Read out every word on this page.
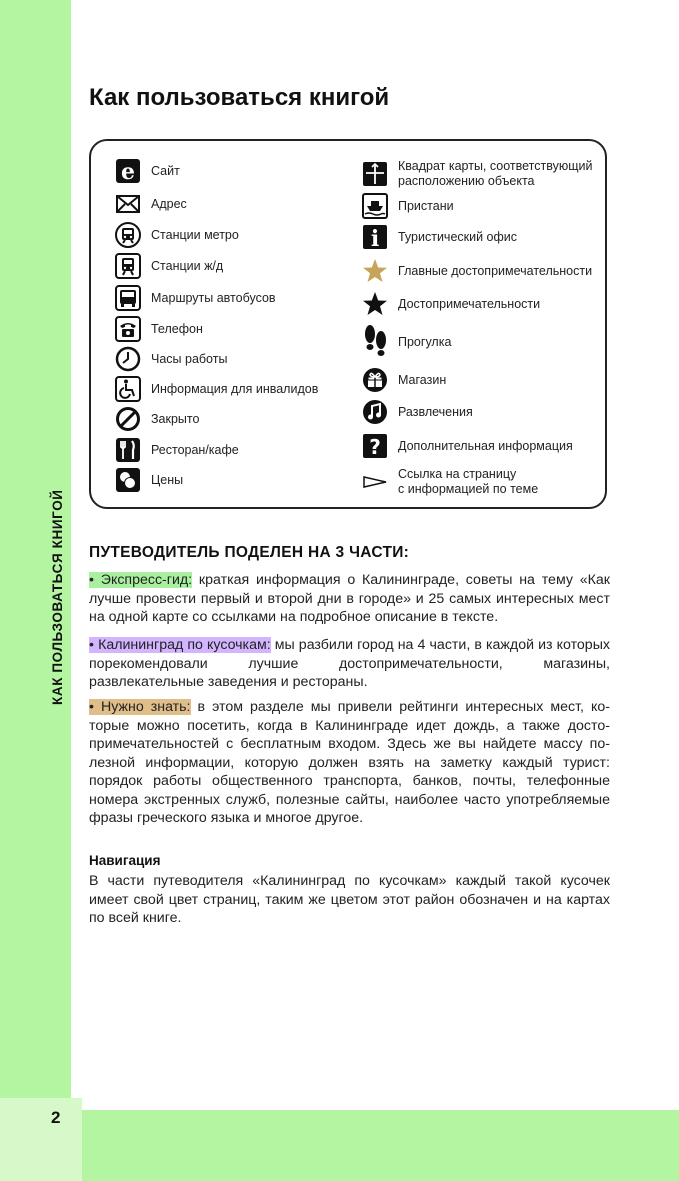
КАК ПОЛЬЗОВАТЬСЯ КНИГОЙ
2
Как пользоваться книгой
e Сайт
Адрес
Станции метро
Станции ж/д
Маршруты автобусов
Телефон
Часы работы
Информация для инвалидов
Закрыто
Ресторан/кафе
Цены
Квадрат карты, соответствующий
расположению объекта
Пристани
i Туристический офис
Главные достопримечательности
Достопримечательности
Прогулка
Магазин
Развлечения
? Дополнительная информация
Ссылка на страницу
с информацией по теме
ПУТЕВОДИТЕЛЬ ПОДЕЛЕН НА 3 ЧАСТИ:
• Экспресс-гид: краткая информация о Калининграде, советы на тему «Как лучше провести первый и второй дни в городе» и 25 самых интересных мест на одной карте со ссылками на подробное описание в тексте.
• Калининград по кусочкам: мы разбили город на 4 части, в каждой из которых порекомендовали лучшие достопримечательности, магазины, развлекательные заведения и рестораны.
• Нужно знать: в этом разделе мы привели рейтинги интересных мест, которые можно посетить, когда в Калининграде идет дождь, а также достопримечательностей с бесплатным входом. Здесь же вы найдете массу полезной информации, которую должен взять на заметку каждый турист: порядок работы общественного транспорта, банков, почты, телефонные номера экстренных служб, полезные сайты, наиболее часто употребляемые фразы греческого языка и многое другое.
Навигация
В части путеводителя «Калининград по кусочкам» каждый такой кусочек имеет свой цвет страниц, таким же цветом этот район обозначен и на картах по всей книге.
